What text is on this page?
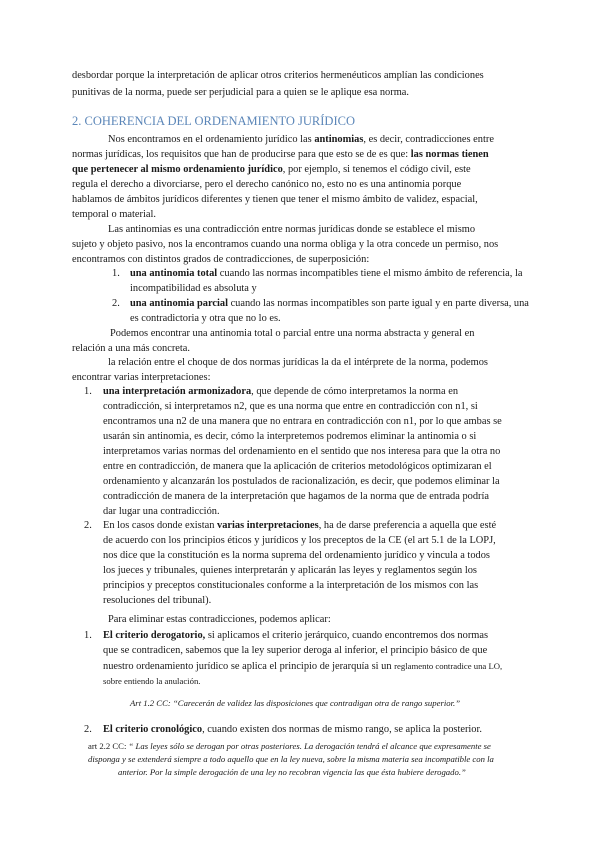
desbordar porque la interpretación de aplicar otros criterios hermenéuticos amplían las condiciones
punitivas de la norma, puede ser perjudicial para a quien se le aplique esa norma.
2. COHERENCIA DEL ORDENAMIENTO JURÍDICO
Nos encontramos en el ordenamiento jurídico las antinomias, es decir, contradicciones entre
normas jurídicas, los requisitos que han de producirse para que esto se de es que: las normas tienen
que pertenecer al mismo ordenamiento jurídico, por ejemplo, si tenemos el código civil, este
regula el derecho a divorciarse, pero el derecho canónico no, esto no es una antinomia porque
hablamos de ámbitos jurídicos diferentes y tienen que tener el mismo ámbito de validez, espacial,
temporal o material.
Las antinomias es una contradicción entre normas jurídicas donde se establece el mismo
sujeto y objeto pasivo, nos la encontramos cuando una norma obliga y la otra concede un permiso, nos
encontramos con distintos grados de contradicciones, de superposición:
1. una antinomia total cuando las normas incompatibles tiene el mismo ámbito de referencia, la
incompatibilidad es absoluta y
2. una antinomia parcial cuando las normas incompatibles son parte igual y en parte diversa, una
es contradictoria y otra que no lo es.
Podemos encontrar una antinomia total o parcial entre una norma abstracta y general en
relación a una más concreta.
la relación entre el choque de dos normas jurídicas la da el intérprete de la norma, podemos
encontrar varias interpretaciones:
1. una interpretación armonizadora, que depende de cómo interpretamos la norma en
contradicción, si interpretamos n2, que es una norma que entre en contradicción con n1, si
encontramos una n2 de una manera que no entrara en contradicción con n1, por lo que ambas se
usarán sin antinomia, es decir, cómo la interpretemos podremos eliminar la antinomia o si
interpretamos varias normas del ordenamiento en el sentido que nos interesa para que la otra no
entre en contradicción, de manera que la aplicación de criterios metodológicos optimizaran el
ordenamiento y alcanzarán los postulados de racionalización, es decir, que podemos eliminar la
contradicción de manera de la interpretación que hagamos de la norma que de entrada podría
dar lugar una contradicción.
2. En los casos donde existan varias interpretaciones, ha de darse preferencia a aquella que esté
de acuerdo con los principios éticos y jurídicos y los preceptos de la CE (el art 5.1 de la LOPJ,
nos dice que la constitución es la norma suprema del ordenamiento jurídico y vincula a todos
los jueces y tribunales, quienes interpretarán y aplicarán las leyes y reglamentos según los
principios y preceptos constitucionales conforme a la interpretación de los mismos con las
resoluciones del tribunal).
Para eliminar estas contradicciones, podemos aplicar:
1. El criterio derogatorio, si aplicamos el criterio jerárquico, cuando encontremos dos normas
que se contradicen, sabemos que la ley superior deroga al inferior, el principio básico de que
nuestro ordenamiento jurídico se aplica el principio de jerarquía si un reglamento contradice una LO,
sobre entiendo la anulación.
Art 1.2 CC: “Carecerán de validez las disposiciones que contradigan otra de rango superior.”
2. El criterio cronológico, cuando existen dos normas de mismo rango, se aplica la posterior.
art 2.2 CC: “ Las leyes sólo se derogan por otras posteriores. La derogación tendrá el alcance que expresamente se
disponga y se extenderá siempre a todo aquello que en la ley nueva, sobre la misma materia sea incompatible con la
anterior. Por la simple derogación de una ley no recobran vigencia las que ésta hubiere derogado.”
